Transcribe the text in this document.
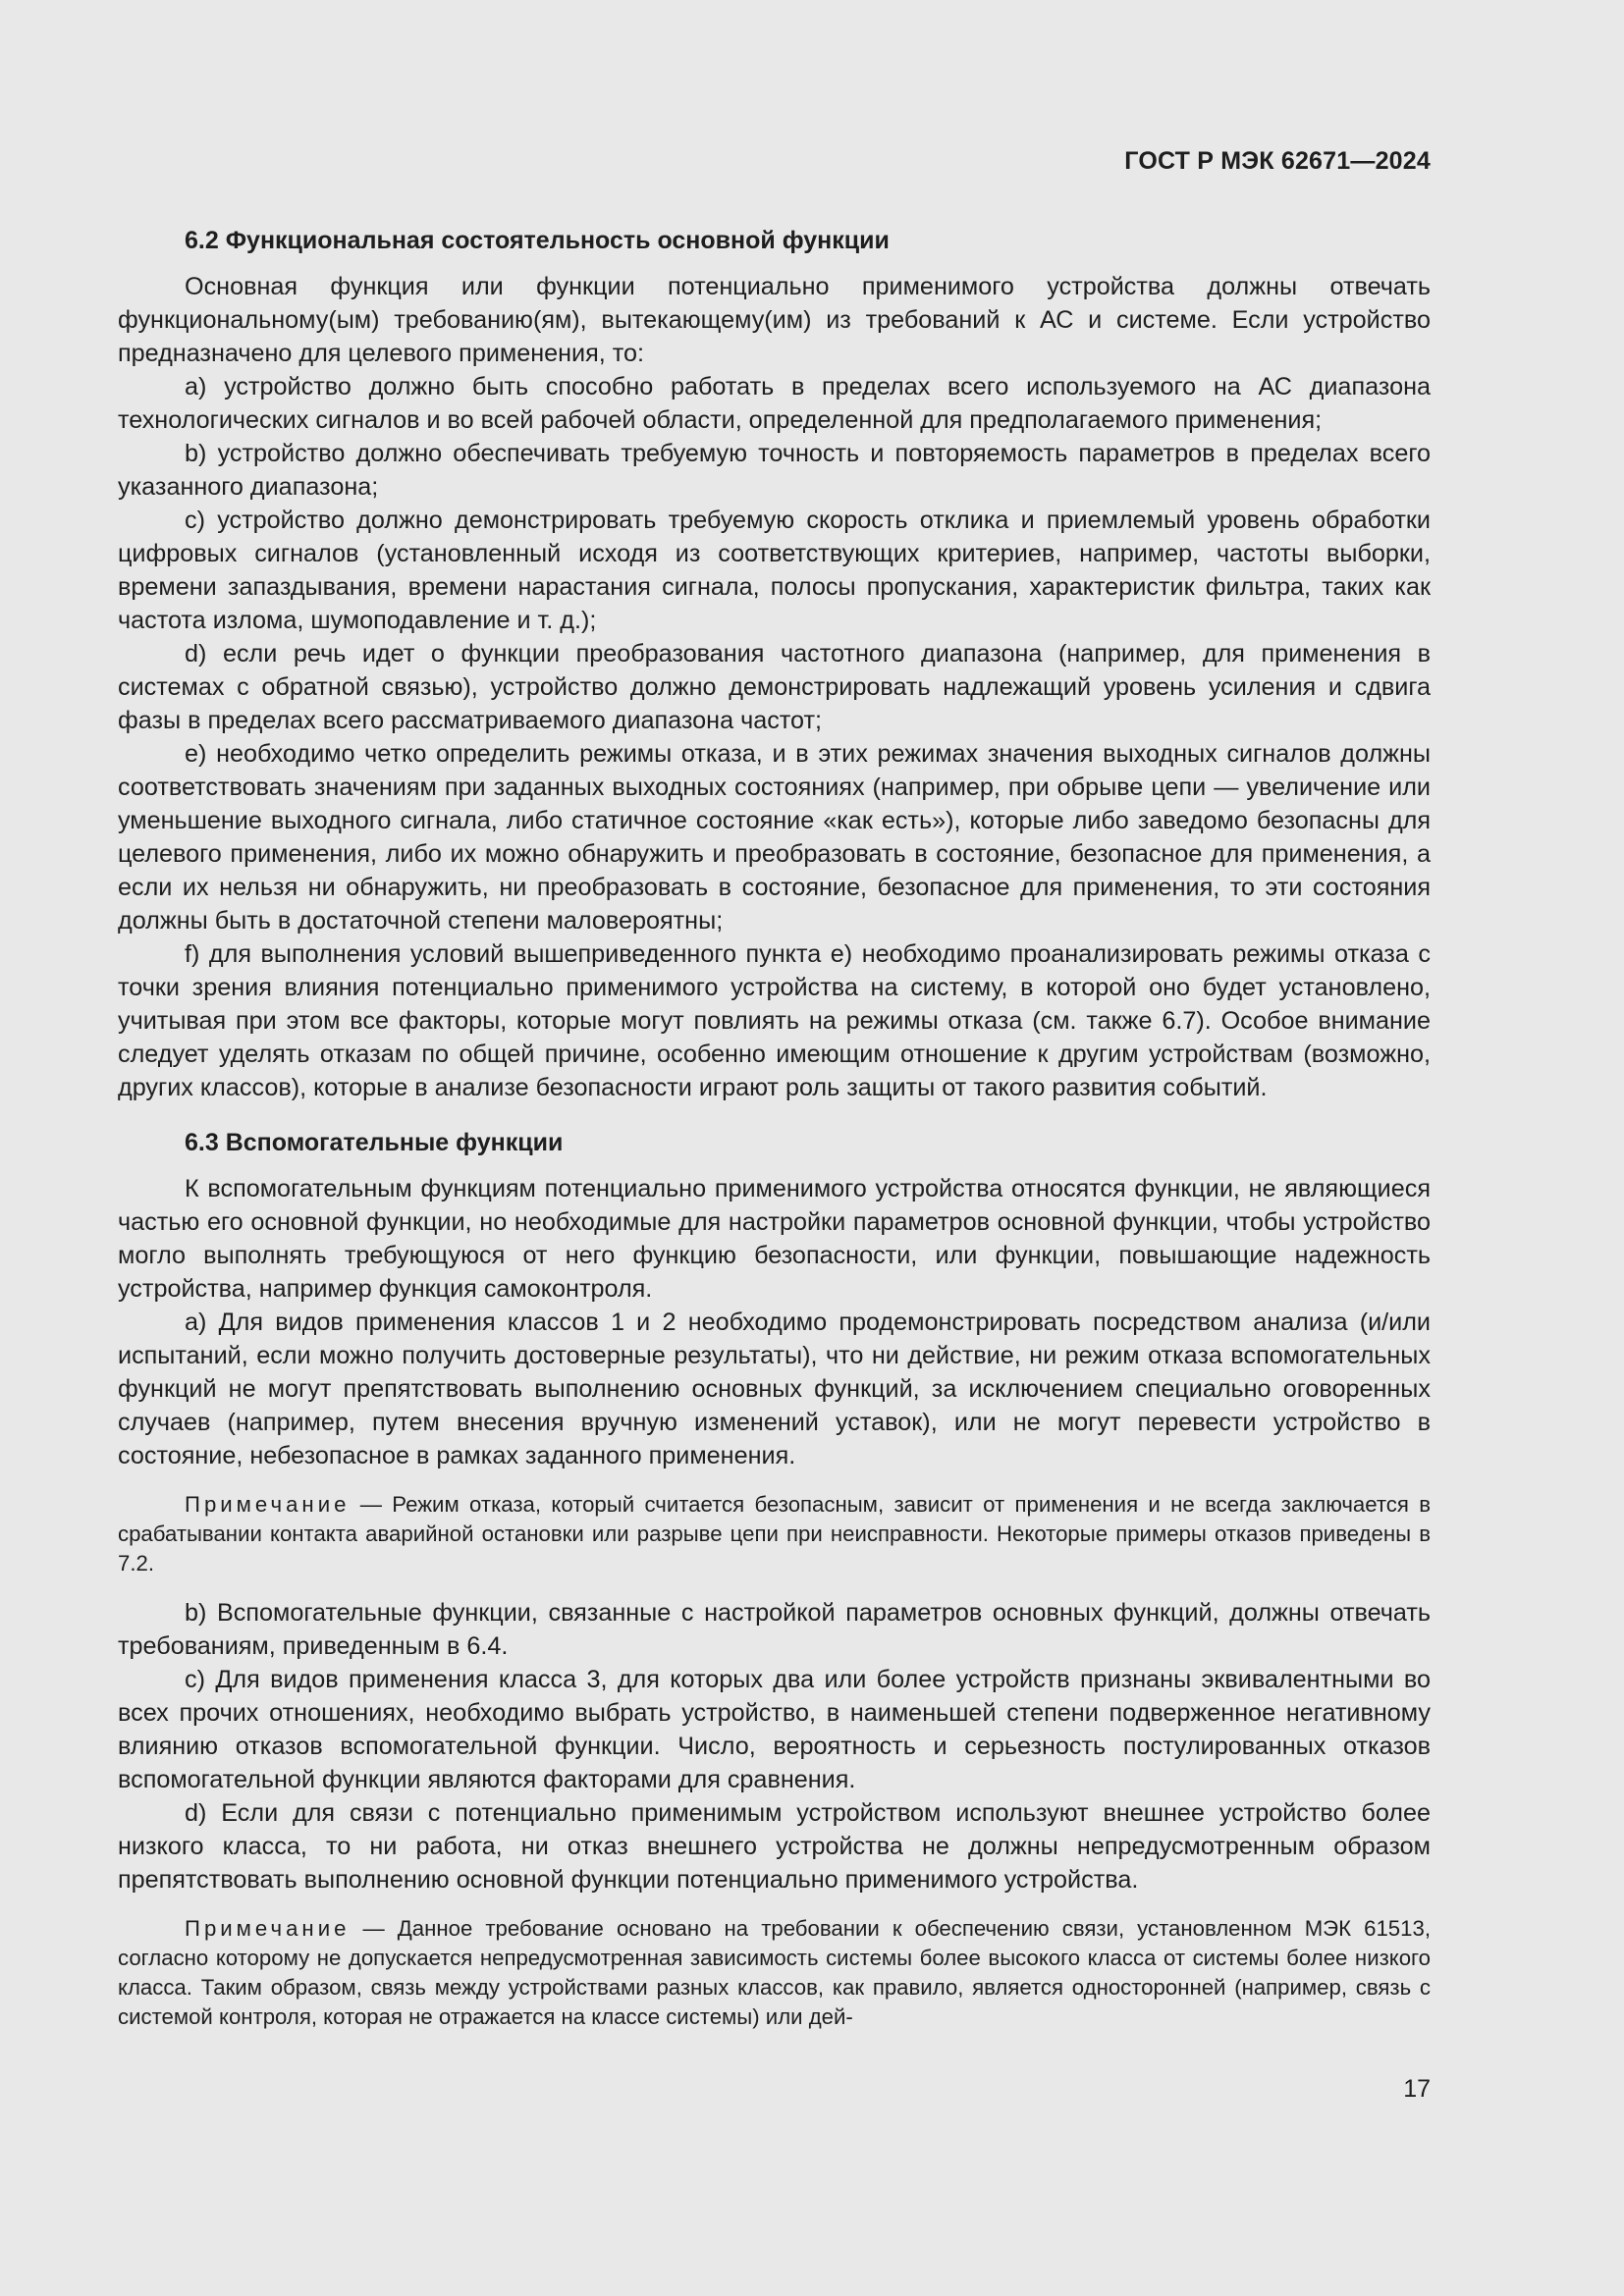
ГОСТ Р МЭК 62671—2024
6.2 Функциональная состоятельность основной функции

Основная функция или функции потенциально применимого устройства должны отвечать функциональному(ым) требованию(ям), вытекающему(им) из требований к АС и системе. Если устройство предназначено для целевого применения, то:

a) устройство должно быть способно работать в пределах всего используемого на АС диапазона технологических сигналов и во всей рабочей области, определенной для предполагаемого применения;

b) устройство должно обеспечивать требуемую точность и повторяемость параметров в пределах всего указанного диапазона;

c) устройство должно демонстрировать требуемую скорость отклика и приемлемый уровень обработки цифровых сигналов (установленный исходя из соответствующих критериев, например, частоты выборки, времени запаздывания, времени нарастания сигнала, полосы пропускания, характеристик фильтра, таких как частота излома, шумоподавление и т. д.);

d) если речь идет о функции преобразования частотного диапазона (например, для применения в системах с обратной связью), устройство должно демонстрировать надлежащий уровень усиления и сдвига фазы в пределах всего рассматриваемого диапазона частот;

e) необходимо четко определить режимы отказа, и в этих режимах значения выходных сигналов должны соответствовать значениям при заданных выходных состояниях (например, при обрыве цепи — увеличение или уменьшение выходного сигнала, либо статичное состояние «как есть»), которые либо заведомо безопасны для целевого применения, либо их можно обнаружить и преобразовать в состояние, безопасное для применения, а если их нельзя ни обнаружить, ни преобразовать в состояние, безопасное для применения, то эти состояния должны быть в достаточной степени маловероятны;

f) для выполнения условий вышеприведенного пункта e) необходимо проанализировать режимы отказа с точки зрения влияния потенциально применимого устройства на систему, в которой оно будет установлено, учитывая при этом все факторы, которые могут повлиять на режимы отказа (см. также 6.7). Особое внимание следует уделять отказам по общей причине, особенно имеющим отношение к другим устройствам (возможно, других классов), которые в анализе безопасности играют роль защиты от такого развития событий.

6.3 Вспомогательные функции

К вспомогательным функциям потенциально применимого устройства относятся функции, не являющиеся частью его основной функции, но необходимые для настройки параметров основной функции, чтобы устройство могло выполнять требующуюся от него функцию безопасности, или функции, повышающие надежность устройства, например функция самоконтроля.

a) Для видов применения классов 1 и 2 необходимо продемонстрировать посредством анализа (и/или испытаний, если можно получить достоверные результаты), что ни действие, ни режим отказа вспомогательных функций не могут препятствовать выполнению основных функций, за исключением специально оговоренных случаев (например, путем внесения вручную изменений уставок), или не могут перевести устройство в состояние, небезопасное в рамках заданного применения.

Примечание — Режим отказа, который считается безопасным, зависит от применения и не всегда заключается в срабатывании контакта аварийной остановки или разрыве цепи при неисправности. Некоторые примеры отказов приведены в 7.2.

b) Вспомогательные функции, связанные с настройкой параметров основных функций, должны отвечать требованиям, приведенным в 6.4.

c) Для видов применения класса 3, для которых два или более устройств признаны эквивалентными во всех прочих отношениях, необходимо выбрать устройство, в наименьшей степени подверженное негативному влиянию отказов вспомогательной функции. Число, вероятность и серьезность постулированных отказов вспомогательной функции являются факторами для сравнения.

d) Если для связи с потенциально применимым устройством используют внешнее устройство более низкого класса, то ни работа, ни отказ внешнего устройства не должны непредусмотренным образом препятствовать выполнению основной функции потенциально применимого устройства.

Примечание — Данное требование основано на требовании к обеспечению связи, установленном МЭК 61513, согласно которому не допускается непредусмотренная зависимость системы более высокого класса от системы более низкого класса. Таким образом, связь между устройствами разных классов, как правило, является односторонней (например, связь с системой контроля, которая не отражается на классе системы) или дей-

17
